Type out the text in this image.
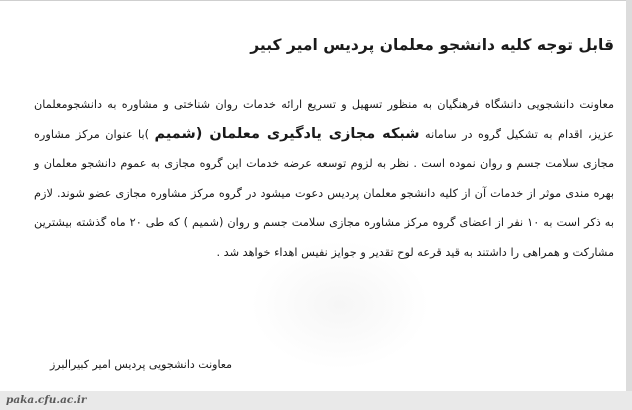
قابل توجه کلیه دانشجو معلمان پردیس امیر کبیر
معاونت دانشجویی دانشگاه فرهنگیان به منظور تسهیل و تسریع ارائه خدمات روان شناختی و مشاوره به دانشجومعلمان عزیز، اقدام به تشکیل گروه در سامانه شبکه مجازی یادگیری معلمان (شمیم )با عنوان مرکز مشاوره مجازی سلامت جسم و روان نموده است . نظر به لزوم توسعه عرضه خدمات این گروه مجازی به عموم دانشجو معلمان و بهره مندی موثر از خدمات آن از کلیه دانشجو معلمان پردیس دعوت میشود در گروه مرکز مشاوره مجازی عضو شوند. لازم به ذکر است به ۱۰ نفر از اعضای گروه مرکز مشاوره مجازی سلامت جسم و روان (شمیم ) که طی ۲۰ ماه گذشته بیشترین مشارکت و همراهی را داشتند به قید قرعه لوح تقدیر و جوایز نفیس اهداء خواهد شد .
معاونت دانشجویی پردیس امیر کبیرالبرز
paka.cfu.ac.ir
